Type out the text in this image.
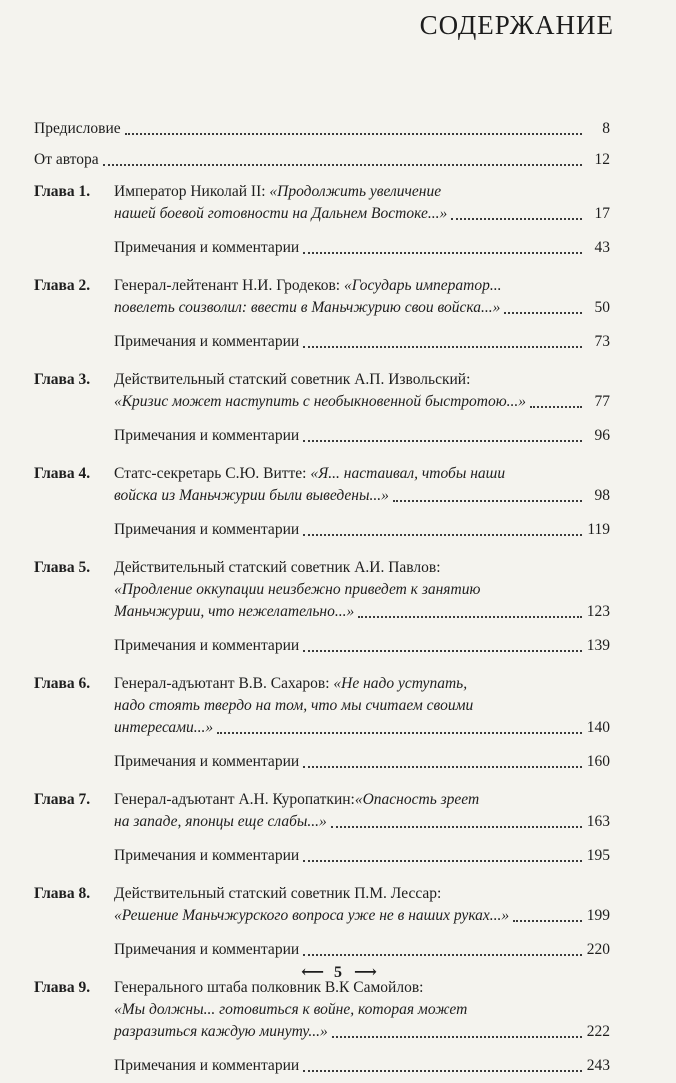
СОДЕРЖАНИЕ
Предисловие	8
От автора	12
Глава 1.	Император Николай II: «Продолжить увеличение
нашей боевой готовности на Дальнем Востоке...»	17
Примечания и комментарии	43
Глава 2.	Генерал-лейтенант Н.И. Гродеков: «Государь император...
повелеть соизволил: ввести в Маньчжурию свои войска...»	50
Примечания и комментарии	73
Глава 3.	Действительный статский советник А.П. Извольский:
«Кризис может наступить с необыкновенной быстротою...»	77
Примечания и комментарии	96
Глава 4.	Статс-секретарь С.Ю. Витте: «Я... настаивал, чтобы наши
войска из Маньчжурии были выведены...»	98
Примечания и комментарии	119
Глава 5.	Действительный статский советник А.И. Павлов:
«Продление оккупации неизбежно приведет к занятию
Маньчжурии, что нежелательно...»	123
Примечания и комментарии	139
Глава 6.	Генерал-адъютант В.В. Сахаров: «Не надо уступать,
надо стоять твердо на том, что мы считаем своими
интересами...»	140
Примечания и комментарии	160
Глава 7.	Генерал-адъютант А.Н. Куропаткин:«Опасность зреет
на западе, японцы еще слабы...»	163
Примечания и комментарии	195
Глава 8.	Действительный статский советник П.М. Лессар:
«Решение Маньчжурского вопроса уже не в наших руках...»	199
Примечания и комментарии	220
Глава 9.	Генерального штаба полковник В.К Самойлов:
«Мы должны... готовиться к войне, которая может
разразиться каждую минуту...»	222
Примечания и комментарии	243
⟵ 5 ⟶
